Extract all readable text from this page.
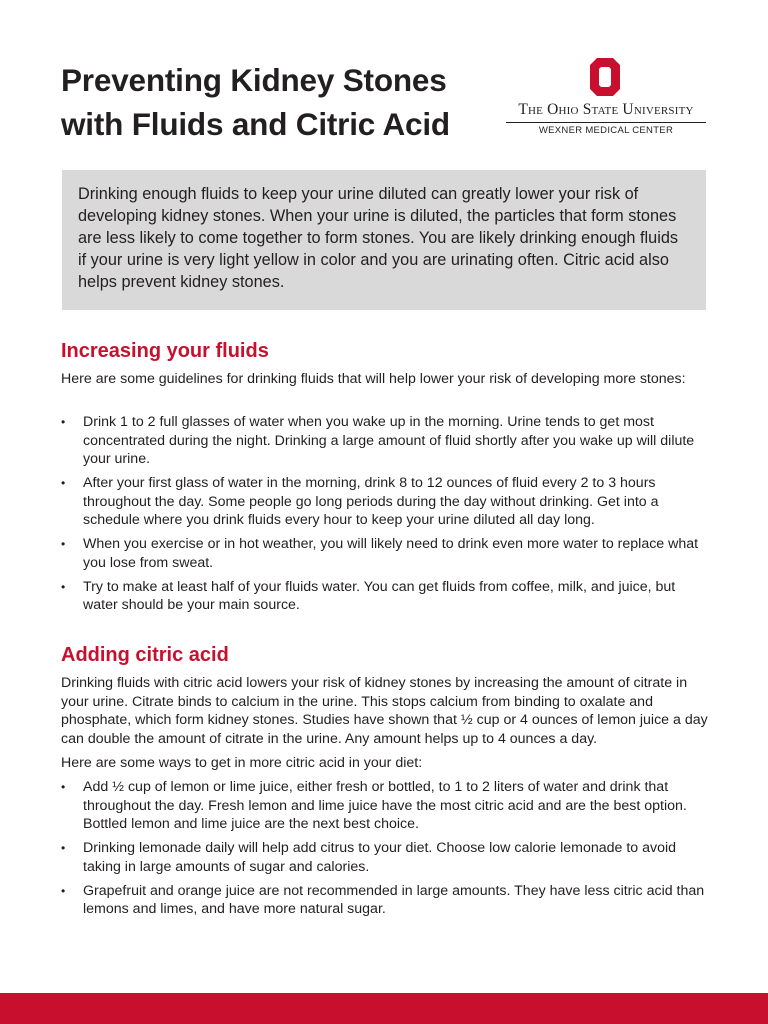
Preventing Kidney Stones with Fluids and Citric Acid	The Ohio State University
WEXNER MEDICAL CENTER

Drinking enough fluids to keep your urine diluted can greatly lower your risk of developing kidney stones. When your urine is diluted, the particles that form stones are less likely to come together to form stones. You are likely drinking enough fluids if your urine is very light yellow in color and you are urinating often. Citric acid also helps prevent kidney stones.

Increasing your fluids

Here are some guidelines for drinking fluids that will help lower your risk of developing more stones:

• Drink 1 to 2 full glasses of water when you wake up in the morning. Urine tends to get most concentrated during the night. Drinking a large amount of fluid shortly after you wake up will dilute your urine.
• After your first glass of water in the morning, drink 8 to 12 ounces of fluid every 2 to 3 hours throughout the day. Some people go long periods during the day without drinking. Get into a schedule where you drink fluids every hour to keep your urine diluted all day long.
• When you exercise or in hot weather, you will likely need to drink even more water to replace what you lose from sweat.
• Try to make at least half of your fluids water. You can get fluids from coffee, milk, and juice, but water should be your main source.
Adding citric acid

Drinking fluids with citric acid lowers your risk of kidney stones by increasing the amount of citrate in your urine. Citrate binds to calcium in the urine. This stops calcium from binding to oxalate and phosphate, which form kidney stones. Studies have shown that ½ cup or 4 ounces of lemon juice a day can double the amount of citrate in the urine. Any amount helps up to 4 ounces a day.

Here are some ways to get in more citric acid in your diet:

• Add ½ cup of lemon or lime juice, either fresh or bottled, to 1 to 2 liters of water and drink that throughout the day. Fresh lemon and lime juice have the most citric acid and are the best option. Bottled lemon and lime juice are the next best choice.
• Drinking lemonade daily will help add citrus to your diet. Choose low calorie lemonade to avoid taking in large amounts of sugar and calories.
• Grapefruit and orange juice are not recommended in large amounts. They have less citric acid than lemons and limes, and have more natural sugar.
